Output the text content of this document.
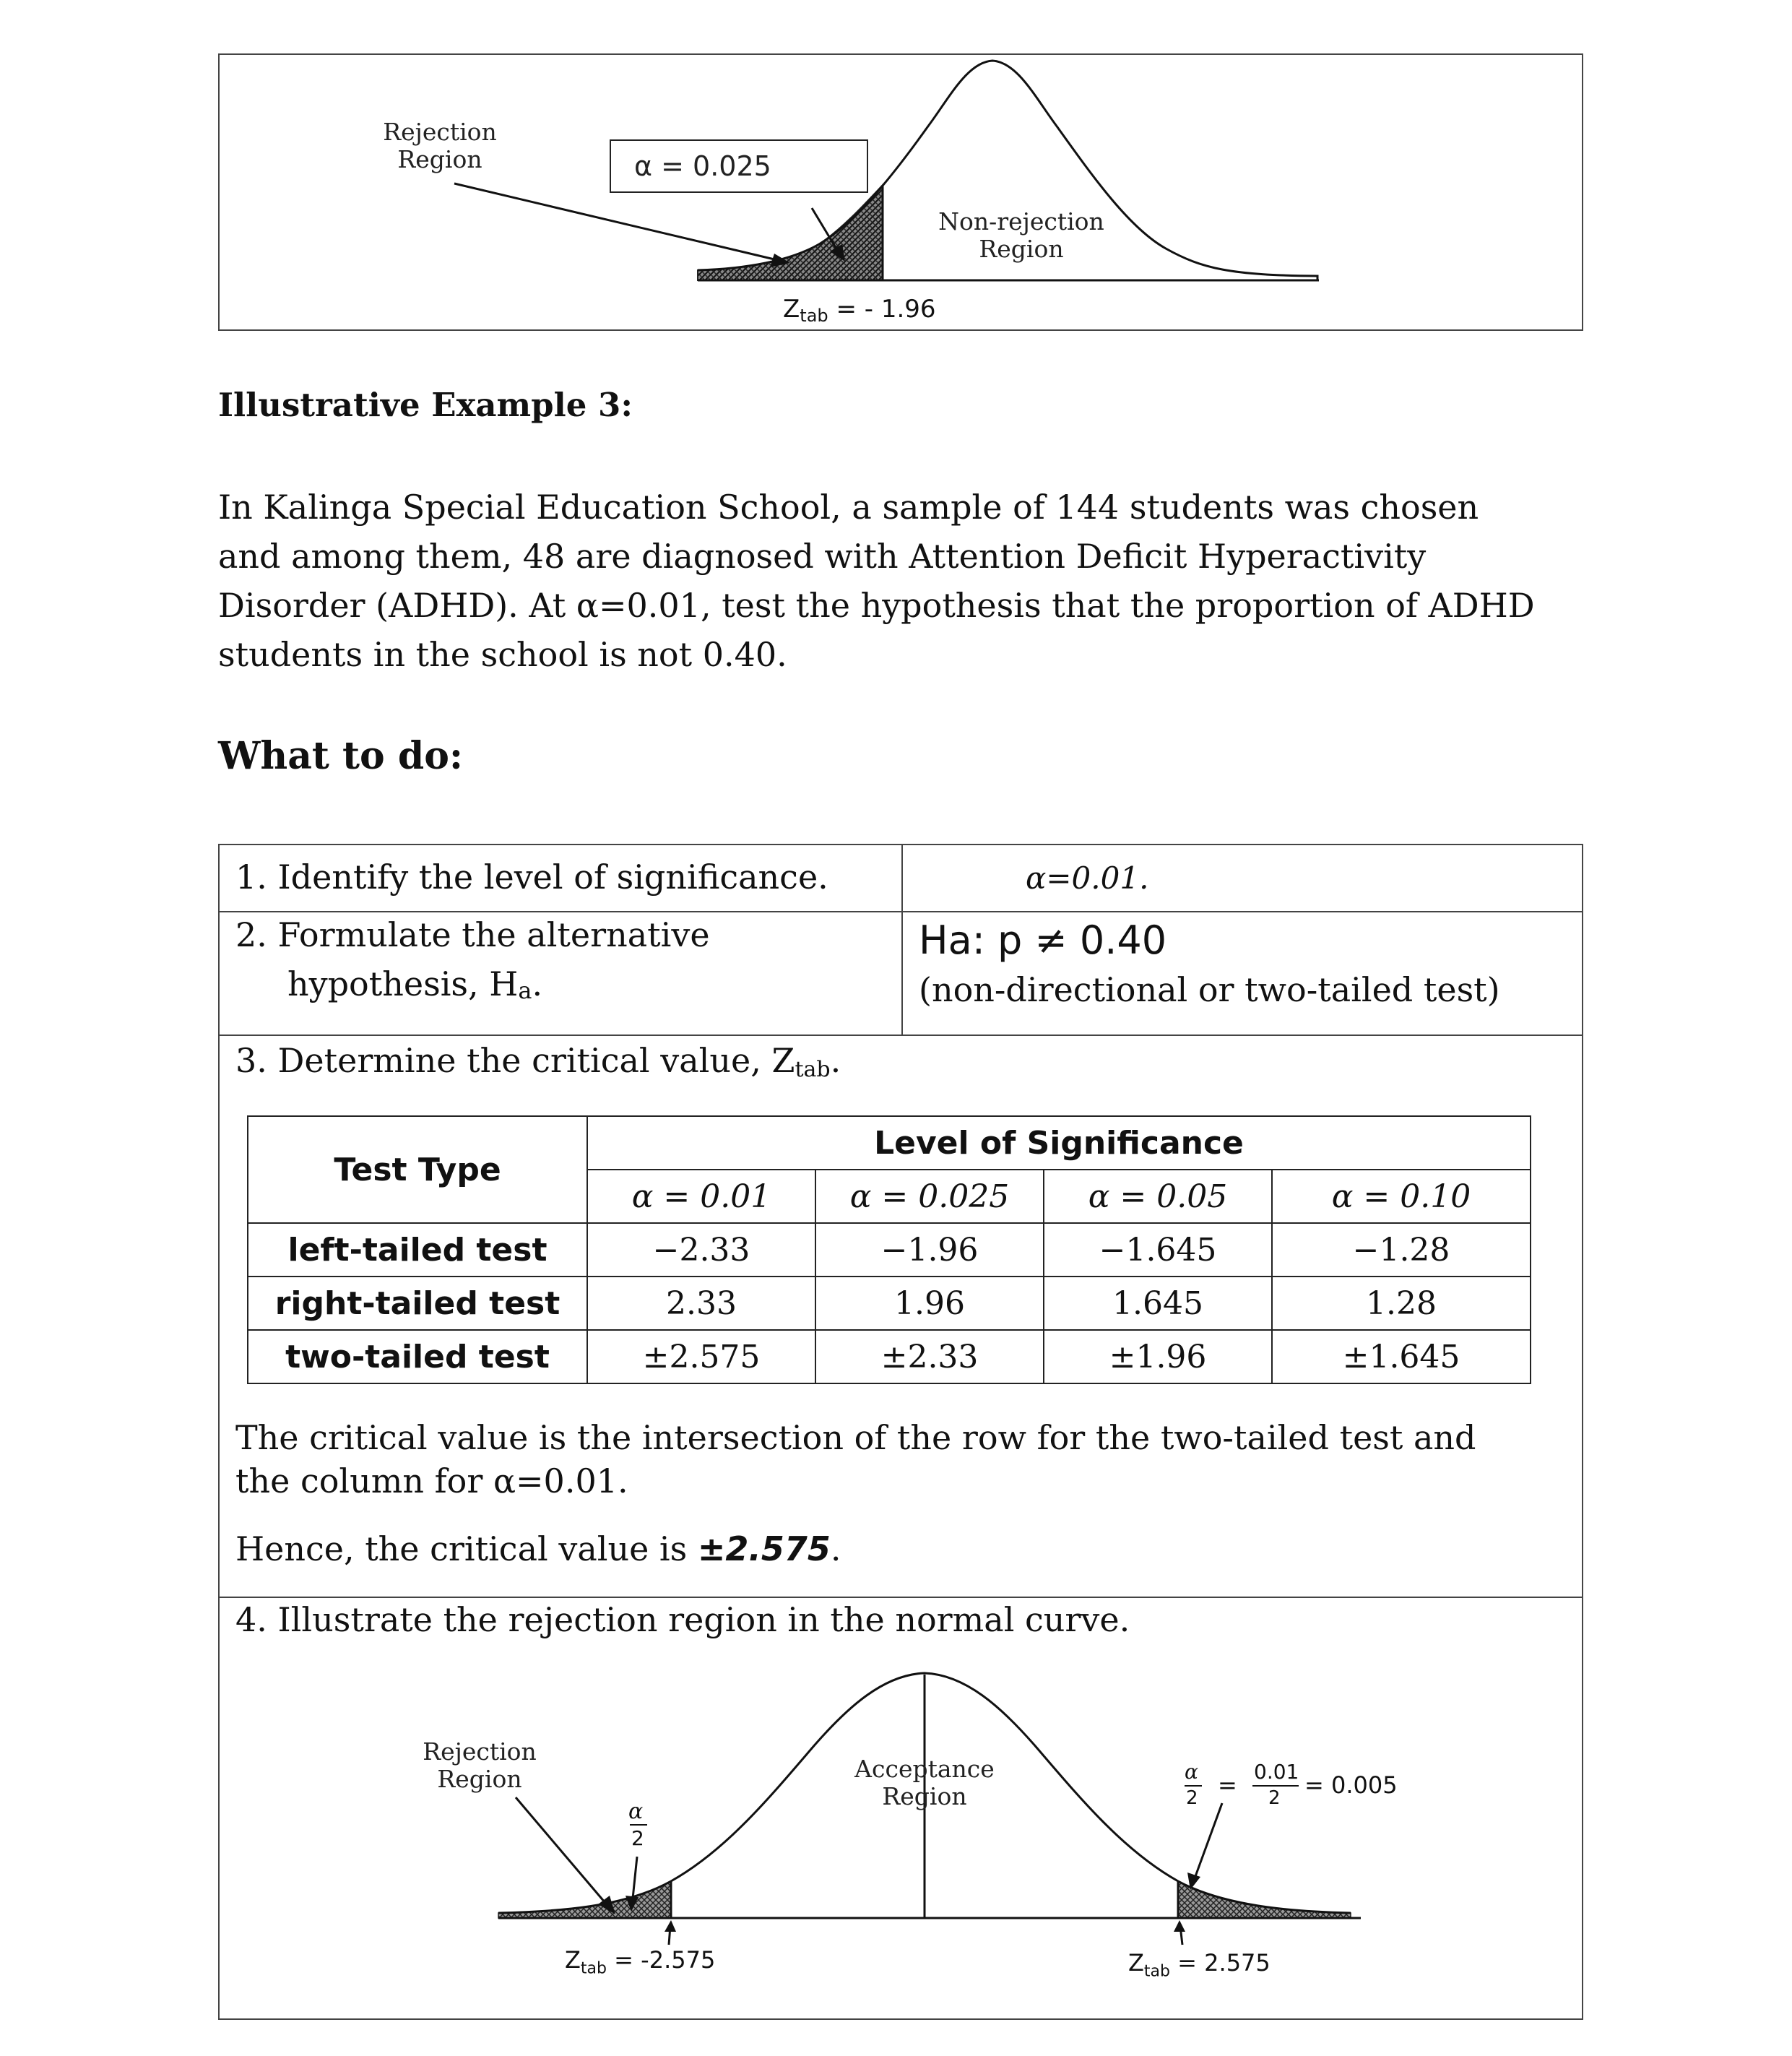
Rejection
Region	α = 0.025
Non-rejection
Region
$Z_{tab}$ = - 1.96
Illustrative Example 3:
In Kalinga Special Education School, a sample of 144 students was chosen
and among them, 48 are diagnosed with Attention Deficit Hyperactivity
Disorder (ADHD). At α=0.01, test the hypothesis that the proportion of ADHD
students in the school is not 0.40.
What to do:
1. Identify the level of significance.	α=0.01.
2. Formulate the alternative
hypothesis, $H_a$.
Ha: p ≠ 0.40
(non-directional or two-tailed test)
3. Determine the critical value, $Z_{tab}$.
Test Type	Level of Significance			
	α = 0.01	α = 0.025	α = 0.05	α = 0.10
left-tailed test	−2.33	−1.96	−1.645	−1.28
right-tailed test	2.33	1.96	1.645	1.28
two-tailed test	±2.575	±2.33	±1.96	±1.645
The critical value is the intersection of the row for the two-tailed test and
the column for α=0.01.
Hence, the critical value is ±2.575.
4. Illustrate the rejection region in the normal curve.
Rejection
Region
α
2
Acceptance
Region
α
2 = 0.01
2 = 0.005
$Z_{tab} = -2.575$	$Z_{tab} = 2.575$
